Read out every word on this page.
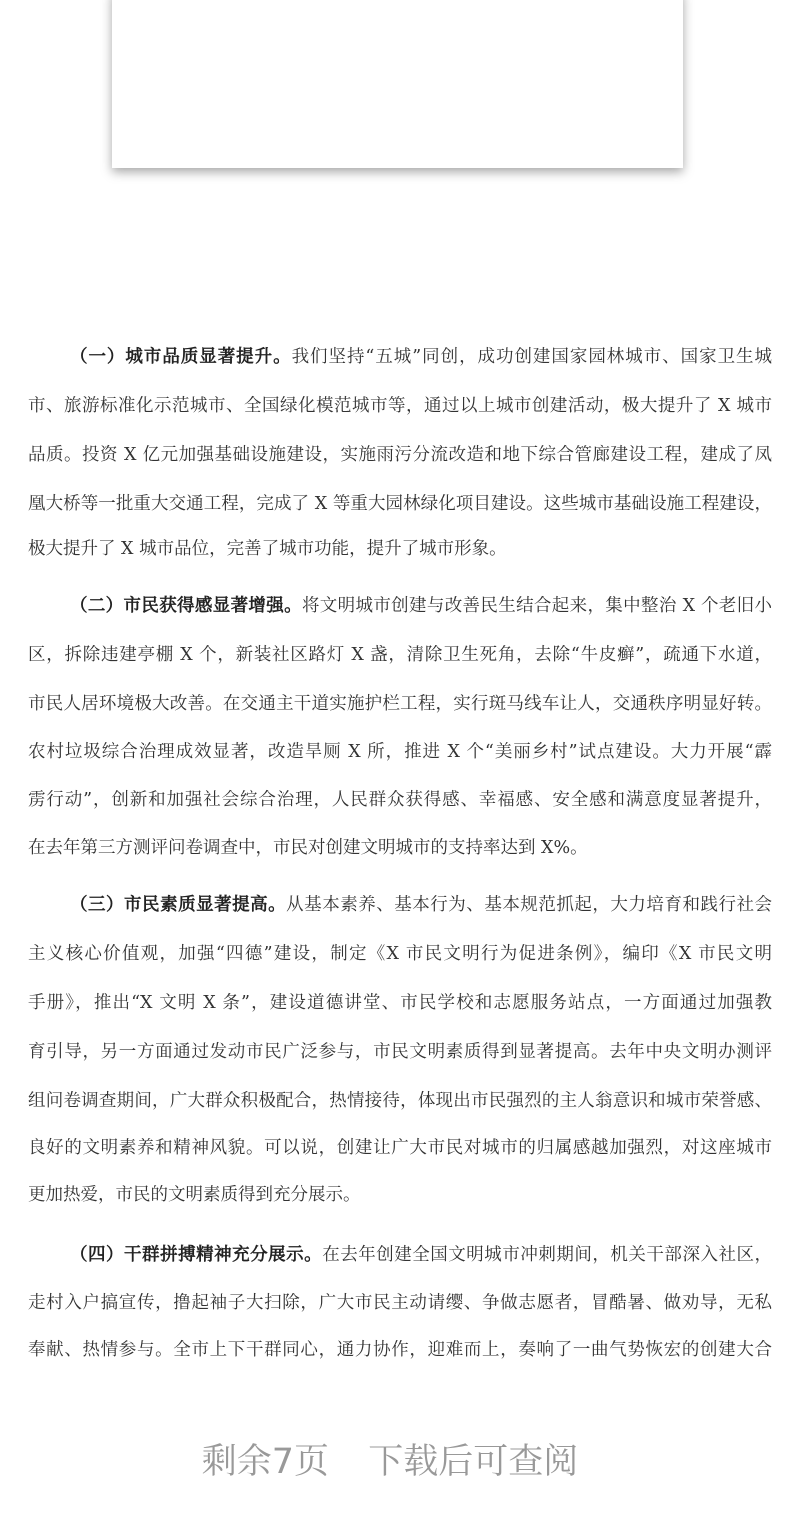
（一）城市品质显著提升。我们坚持“五城”同创，成功创建国家园林城市、国家卫生城
市、旅游标准化示范城市、全国绿化模范城市等，通过以上城市创建活动，极大提升了 X 城市
品质。投资 X 亿元加强基础设施建设，实施雨污分流改造和地下综合管廊建设工程，建成了凤
凰大桥等一批重大交通工程，完成了 X 等重大园林绿化项目建设。这些城市基础设施工程建设，
极大提升了 X 城市品位，完善了城市功能，提升了城市形象。
（二）市民获得感显著增强。将文明城市创建与改善民生结合起来，集中整治 X 个老旧小
区，拆除违建亭棚 X 个，新装社区路灯 X 盏，清除卫生死角，去除“牛皮癣”，疏通下水道，
市民人居环境极大改善。在交通主干道实施护栏工程，实行斑马线车让人，交通秩序明显好转。
农村垃圾综合治理成效显著，改造旱厕 X 所，推进 X 个“美丽乡村”试点建设。大力开展“霹
雳行动”，创新和加强社会综合治理，人民群众获得感、幸福感、安全感和满意度显著提升，
在去年第三方测评问卷调查中，市民对创建文明城市的支持率达到 X%。
（三）市民素质显著提高。从基本素养、基本行为、基本规范抓起，大力培育和践行社会
主义核心价值观，加强“四德”建设，制定《X 市民文明行为促进条例》，编印《X 市民文明
手册》，推出“X 文明 X 条”，建设道德讲堂、市民学校和志愿服务站点，一方面通过加强教
育引导，另一方面通过发动市民广泛参与，市民文明素质得到显著提高。去年中央文明办测评
组问卷调查期间，广大群众积极配合，热情接待，体现出市民强烈的主人翁意识和城市荣誉感、
良好的文明素养和精神风貌。可以说，创建让广大市民对城市的归属感越加强烈，对这座城市
更加热爱，市民的文明素质得到充分展示。
（四）干群拼搏精神充分展示。在去年创建全国文明城市冲刺期间，机关干部深入社区，
走村入户搞宣传，撸起袖子大扫除，广大市民主动请缨、争做志愿者，冒酷暑、做劝导，无私
奉献、热情参与。全市上下干群同心，通力协作，迎难而上，奏响了一曲气势恢宏的创建大合
剩余7页 下载后可查阅
